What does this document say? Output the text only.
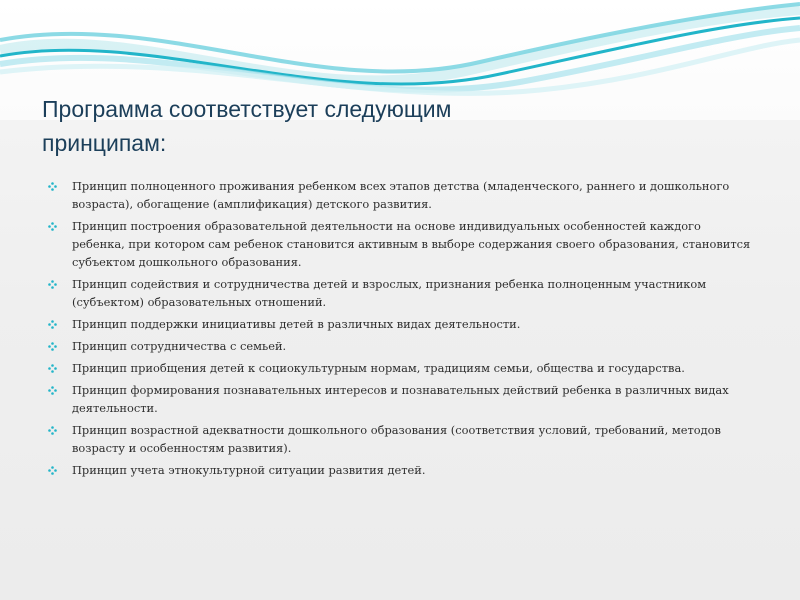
Программа соответствует следующим
принципам:
Принцип полноценного проживания ребенком всех этапов детства (младенческого, раннего и дошкольного возраста), обогащение (амплификация) детского развития.
Принцип построения образовательной деятельности на основе индивидуальных особенностей каждого ребенка, при котором сам ребенок становится активным в выборе содержания своего образования, становится субъектом дошкольного образования.
Принцип содействия и сотрудничества детей и взрослых, признания ребенка полноценным участником (субъектом) образовательных отношений.
Принцип поддержки инициативы детей в различных видах деятельности.
Принцип сотрудничества с семьей.
Принцип приобщения детей к социокультурным нормам, традициям семьи, общества и государства.
Принцип формирования познавательных интересов и познавательных действий ребенка в различных видах деятельности.
Принцип возрастной адекватности дошкольного образования (соответствия условий, требований, методов возрасту и особенностям развития).
Принцип учета этнокультурной ситуации развития детей.
